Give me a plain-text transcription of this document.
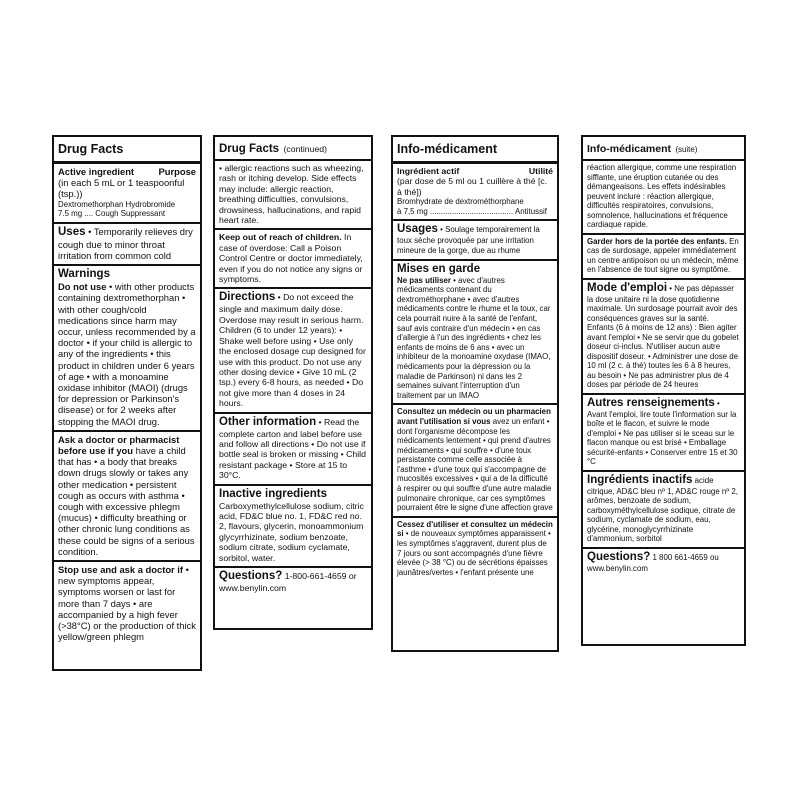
Drug Facts
Active ingredient	Purpose
(in each 5 mL or 1 teaspoonful (tsp.))
Dextromethorphan Hydrobromide
7.5 mg .... Cough Suppressant
Uses • Temporarily relieves dry cough due to minor throat irritation from common cold
Warnings
Do not use • with other products containing dextromethorphan • with other cough/cold medications since harm may occur, unless recommended by a doctor • if your child is allergic to any of the ingredients • this product in children under 6 years of age • with a monoamine oxidase inhibitor (MAOI) (drugs for depression or Parkinson's disease) or for 2 weeks after stopping the MAOI drug.
Ask a doctor or pharmacist before use if you have a child that has • a body that breaks down drugs slowly or takes any other medication • persistent cough as occurs with asthma • cough with excessive phlegm (mucus) • difficulty breathing or other chronic lung conditions as these could be signs of a serious condition.
Stop use and ask a doctor if • new symptoms appear, symptoms worsen or last for more than 7 days • are accompanied by a high fever (>38°C) or the production of thick yellow/green phlegm
Drug Facts (continued)
• allergic reactions such as wheezing, rash or itching develop. Side effects may include: allergic reaction, breathing difficulties, convulsions, drowsiness, hallucinations, and rapid heart rate.
Keep out of reach of children. In case of overdose: Call a Poison Control Centre or doctor immediately, even if you do not notice any signs or symptoms.
Directions • Do not exceed the single and maximum daily dose. Overdose may result in serious harm.
Children (6 to under 12 years): • Shake well before using • Use only the enclosed dosage cup designed for use with this product. Do not use any other dosing device • Give 10 mL (2 tsp.) every 6-8 hours, as needed • Do not give more than 4 doses in 24 hours.
Other information • Read the complete carton and label before use and follow all directions • Do not use if bottle seal is broken or missing • Child resistant package • Store at 15 to 30°C.
Inactive ingredients
Carboxymethylcellulose sodium, citric acid, FD&C blue no. 1, FD&C red no. 2, flavours, glycerin, monoammonium glycyrrhizinate, sodium benzoate, sodium citrate, sodium cyclamate, sorbitol, water.
Questions? 1-800-661-4659 or www.benylin.com
Info-médicament
Ingrédient actif	Utilité
(par dose de 5 ml ou 1 cuillère à thé [c. à thé])
Bromhydrate de dextrométhorphane
à 7,5 mg ...................................... Antitussif
Usages • Soulage temporairement la toux sèche provoquée par une irritation mineure de la gorge, due au rhume
Mises en garde
Ne pas utiliser • avec d'autres médicaments contenant du dextrométhorphane • avec d'autres médicaments contre le rhume et la toux, car cela pourrait nuire à la santé de l'enfant, sauf avis contraire d'un médecin • en cas d'allergie à l'un des ingrédients • chez les enfants de moins de 6 ans • avec un inhibiteur de la monoamine oxydase (IMAO, médicaments pour la dépression ou la maladie de Parkinson) ni dans les 2 semaines suivant l'interruption d'un traitement par un IMAO
Consultez un médecin ou un pharmacien avant l'utilisation si vous avez un enfant • dont l'organisme décompose les médicaments lentement • qui prend d'autres médicaments • qui souffre • d'une toux persistante comme celle associée à l'asthme • d'une toux qui s'accompagne de mucosités excessives • qui a de la difficulté à respirer ou qui souffre d'une autre maladie pulmonaire chronique, car ces symptômes pourraient être le signe d'une affection grave
Cessez d'utiliser et consultez un médecin si • de nouveaux symptômes apparaissent • les symptômes s'aggravent, durent plus de 7 jours ou sont accompagnés d'une fièvre élevée (> 38 °C) ou de sécrétions épaisses jaunâtres/vertes • l'enfant présente une
Info-médicament (suite)
réaction allergique, comme une respiration sifflante, une éruption cutanée ou des démangeaisons. Les effets indésirables peuvent inclure : réaction allergique, difficultés respiratoires, convulsions, somnolence, hallucinations et fréquence cardiaque rapide.
Garder hors de la portée des enfants. En cas de surdosage, appeler immédiatement un centre antipoison ou un médecin, même en l'absence de tout signe ou symptôme.
Mode d'emploi • Ne pas dépasser la dose unitaire ni la dose quotidienne maximale. Un surdosage pourrait avoir des conséquences graves sur la santé.
Enfants (6 à moins de 12 ans) : Bien agiter avant l'emploi • Ne se servir que du gobelet doseur ci-inclus. N'utiliser aucun autre dispositif doseur. • Administrer une dose de 10 ml (2 c. à thé) toutes les 6 à 8 heures, au besoin • Ne pas administrer plus de 4 doses par période de 24 heures
Autres renseignements • Avant l'emploi, lire toute l'information sur la boîte et le flacon, et suivre le mode d'emploi • Ne pas utiliser si le sceau sur le flacon manque ou est brisé • Emballage sécurité-enfants • Conserver entre 15 et 30 °C
Ingrédients inactifs acide citrique, AD&C bleu nº 1, AD&C rouge nº 2, arômes, benzoate de sodium, carboxyméthylcellulose sodique, citrate de sodium, cyclamate de sodium, eau, glycérine, monoglycyrrhizinate d'ammonium, sorbitol
Questions? 1 800 661-4659 ou www.benylin.com
